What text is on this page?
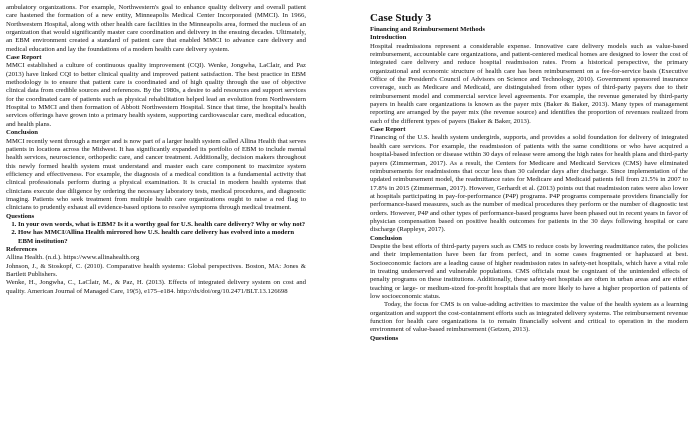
ambulatory organizations. For example, Northwestern's goal to enhance quality delivery and overall patient care hastened the formation of a new entity, Minneapolis Medical Center Incorporated (MMCI). In 1966, Northwestern Hospital, along with other health care facilities in the Minneapolis area, formed the nucleus of an organization that would significantly master care coordination and delivery in the ensuing decades. Ultimately, an EBM environment created a standard of patient care that enabled MMCI to advance care delivery and medical education and lay the foundations of a modern health care delivery system.

Case Report

MMCI established a culture of continuous quality improvement (CQI). Wenke, Jongwha, LaClair, and Paz (2013) have linked CQI to better clinical quality and improved patient satisfaction. The best practice in EBM methodology is to ensure that patient care is coordinated and of high quality through the use of objective clinical data from credible sources and references. By the 1980s, a desire to add resources and support services for the coordinated care of patients such as physical rehabilitation helped lead an evolution from Northwestern Hospital to MMCI and then formation of Abbott Northwestern Hospital. Since that time, the hospital's health services offerings have grown into a primary health system, supporting cardiovascular care, medical education, and health plans.

Conclusion

MMCI recently went through a merger and is now part of a larger health system called Allina Health that serves patients in locations across the Midwest. It has significantly expanded its portfolio of EBM to include mental health services, neuroscience, orthopedic care, and cancer treatment. Additionally, decision makers throughout this newly formed health system must understand and master each care component to maximize system efficiency and effectiveness. For example, the diagnosis of a medical condition is a fundamental activity that clinical professionals perform during a physical examination. It is crucial in modern health systems that clinicians execute due diligence by ordering the necessary laboratory tests, medical procedures, and diagnostic imaging. Patients who seek treatment from multiple health care organizations ought to raise a red flag to clinicians to prudently exhaust all evidence-based options to resolve symptoms through medical treatment.

Questions

1. In your own words, what is EBM? Is it a worthy goal for U.S. health care delivery? Why or why not?
2. How has MMCI/Allina Health mirrored how U.S. health care delivery has evolved into a modern EBM institution?

References

Allina Health. (n.d.). https://www.allinahealth.org

Johnson, J., & Stoskopf, C. (2010). Comparative health systems: Global perspectives. Boston, MA: Jones & Bartlett Publishers.

Wenke, H., Jongwha, C., LaClair, M., & Paz, H. (2013). Effects of integrated delivery system on cost and quality. American Journal of Managed Care, 19(5), e175–e184. http://dx/doi/org/10.2471/BLT.13.126698

Case Study 3

Financing and Reimbursement Methods

Introduction

Hospital readmissions represent a considerable expense. Innovative care delivery models such as value-based reimbursement, accountable care organizations, and patient-centered medical homes are designed to lower the cost of integrated care delivery and reduce hospital readmission rates. From a historical perspective, the primary organizational and economic structure of health care has been reimbursement on a fee-for-service basis (Executive Office of the President's Council of Advisors on Science and Technology, 2010). Government sponsored insurance coverage, such as Medicare and Medicaid, are distinguished from other types of third-party payers due to their reimbursement model and commercial service level agreements. For example, the revenue generated by third-party payers in health care organizations is known as the payer mix (Baker & Baker, 2013). Many types of management reporting are arranged by the payer mix (the revenue source) and identifies the proportion of revenues realized from each of the different types of payers (Baker & Baker, 2013).

Case Report

Financing of the U.S. health system undergirds, supports, and provides a solid foundation for delivery of integrated health care services. For example, the readmission of patients with the same conditions or who have acquired a hospital-based infection or disease within 30 days of release were among the high rates for health plans and third-party payers (Zimmerman, 2017). As a result, the Centers for Medicare and Medicaid Services (CMS) have eliminated reimbursements for readmissions that occur less than 30 calendar days after discharge. Since implementation of the updated reimbursement model, the readmittance rates for Medicare and Medicaid patients fell from 21.5% in 2007 to 17.8% in 2015 (Zimmerman, 2017). However, Gerhardt et al. (2013) points out that readmission rates were also lower at hospitals participating in pay-for-performance (P4P) programs. P4P programs compensate providers financially for performance-based measures, such as the number of medical procedures they perform or the number of diagnostic test orders. However, P4P and other types of performance-based programs have been phased out in recent years in favor of physician compensation based on positive health outcomes for patients in the 30 days following hospital or care discharge (Rappleye, 2017).

Conclusion

Despite the best efforts of third-party payers such as CMS to reduce costs by lowering readmittance rates, the policies and their implementation have been far from perfect, and in some cases fragmented or haphazard at best. Socioeconomic factors are a leading cause of higher readmission rates in safety-net hospitals, which have a vital role in treating underserved and vulnerable populations. CMS officials must be cognizant of the unintended effects of penalty programs on these institutions. Additionally, these safety-net hospitals are often in urban areas and are either teaching or large- or medium-sized for-profit hospitals that are more likely to have a higher proportion of patients of low socioeconomic status.

Today, the focus for CMS is on value-adding activities to maximize the value of the health system as a learning organization and support the cost-containment efforts such as integrated delivery systems. The reimbursement revenue function for health care organizations is to remain financially solvent and critical to operation in the modern environment of value-based reimbursement (Getzen, 2013).

Questions
